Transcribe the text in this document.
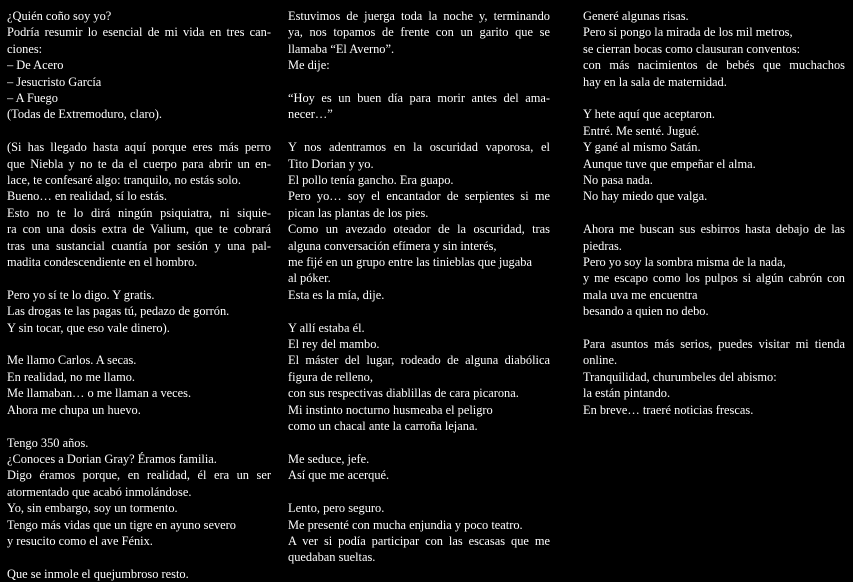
¿Quién coño soy yo?
Podría resumir lo esencial de mi vida en tres can-
ciones:
– De Acero
– Jesucristo García
– A Fuego
(Todas de Extremoduro, claro).
(Si has llegado hasta aquí porque eres más perro
que Niebla y no te da el cuerpo para abrir un en-
lace, te confesaré algo: tranquilo, no estás solo.
Bueno… en realidad, sí lo estás.
Esto no te lo dirá ningún psiquiatra, ni siquie-
ra con una dosis extra de Valium, que te cobrará
tras una sustancial cuantía por sesión y una pal-
madita condescendiente en el hombro.
Pero yo sí te lo digo. Y gratis.
Las drogas te las pagas tú, pedazo de gorrón.
Y sin tocar, que eso vale dinero).
Me llamo Carlos. A secas.
En realidad, no me llamo.
Me llamaban… o me llaman a veces.
Ahora me chupa un huevo.
Tengo 350 años.
¿Conoces a Dorian Gray? Éramos familia.
Digo éramos porque, en realidad, él era un ser
atormentado que acabó inmolándose.
Yo, sin embargo, soy un tormento.
Tengo más vidas que un tigre en ayuno severo
y resucito como el ave Fénix.
Que se inmole el quejumbroso resto.
Estuvimos de juerga toda la noche y, terminando
ya, nos topamos de frente con un garito que se
llamaba “El Averno”.
Me dije:
“Hoy es un buen día para morir antes del ama-
necer…”
Y nos adentramos en la oscuridad vaporosa, el
Tito Dorian y yo.
El pollo tenía gancho. Era guapo.
Pero yo… soy el encantador de serpientes si me
pican las plantas de los pies.
Como un avezado oteador de la oscuridad, tras
alguna conversación efímera y sin interés,
me fijé en un grupo entre las tinieblas que jugaba
al póker.
Esta es la mía, dije.
Y allí estaba él.
El rey del mambo.
El máster del lugar, rodeado de alguna diabólica
figura de relleno,
con sus respectivas diablillas de cara picarona.
Mi instinto nocturno husmeaba el peligro
como un chacal ante la carroña lejana.
Me seduce, jefe.
Así que me acerqué.
Lento, pero seguro.
Me presenté con mucha enjundia y poco teatro.
A ver si podía participar con las escasas que me
quedaban sueltas.
Generé algunas risas.
Pero si pongo la mirada de los mil metros,
se cierran bocas como clausuran conventos:
con más nacimientos de bebés que muchachos
hay en la sala de maternidad.
Y hete aquí que aceptaron.
Entré. Me senté. Jugué.
Y gané al mismo Satán.
Aunque tuve que empeñar el alma.
No pasa nada.
No hay miedo que valga.
Ahora me buscan sus esbirros hasta debajo de las
piedras.
Pero yo soy la sombra misma de la nada,
y me escapo como los pulpos si algún cabrón con
mala uva me encuentra
besando a quien no debo.
Para asuntos más serios, puedes visitar mi tienda
online.
Tranquilidad, churumbeles del abismo:
la están pintando.
En breve… traeré noticias frescas.
